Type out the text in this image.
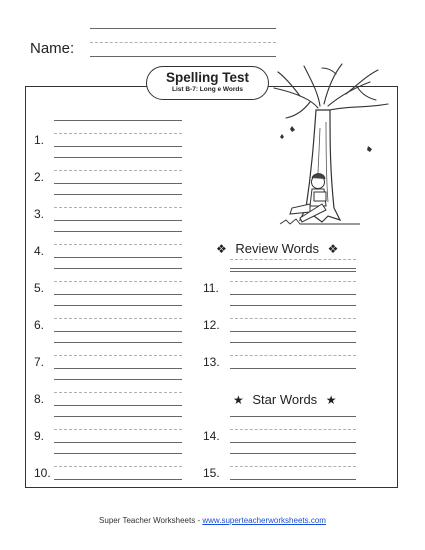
Name:
Spelling Test
List B-7: Long e Words
1.
2.
3.
4.
5.
6.
7.
8.
9.
10.
❖ Review Words ❖
11.
12.
13.
★ Star Words ★
14.
15.
Super Teacher Worksheets - www.superteacherworksheets.com
